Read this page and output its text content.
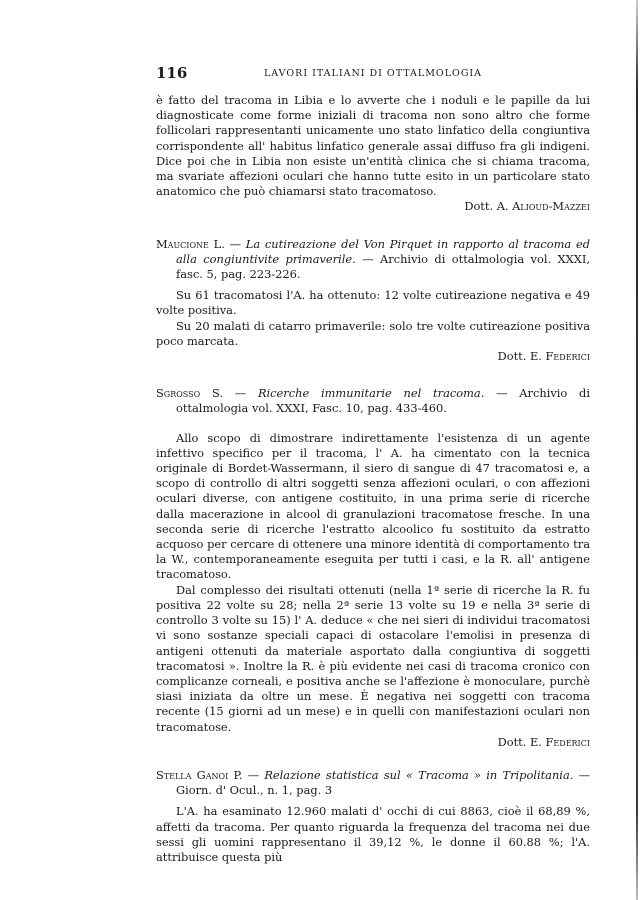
116	LAVORI ITALIANI DI OTTALMOLOGIA

è fatto del tracoma in Libia e lo avverte che i noduli e le papille da lui diagnosticate come forme iniziali di tracoma non sono altro che forme follicolari rappresentanti unicamente uno stato linfatico della congiuntiva corrispondente all' habitus linfatico generale assai diffuso fra gli indigeni. Dice poi che in Libia non esiste un'entità clinica che si chiama tracoma, ma svariate affezioni oculari che hanno tutte esito in un particolare stato anatomico che può chiamarsi stato tracomatoso.

Dott. A. Alioud-Mazzei

Maucione L. — La cutireazione del Von Pirquet in rapporto al tracoma ed alla congiuntivite primaverile. — Archivio di ottalmologia vol. XXXI, fasc. 5, pag. 223-226.

Su 61 tracomatosi l'A. ha ottenuto: 12 volte cutireazione negativa e 49 volte positiva.

Su 20 malati di catarro primaverile: solo tre volte cutireazione positiva poco marcata.

Dott. E. Federici

Sgrosso S. — Ricerche immunitarie nel tracoma. — Archivio di ottalmologia vol. XXXI, Fasc. 10, pag. 433-460.

Allo scopo di dimostrare indirettamente l'esistenza di un agente infettivo specifico per il tracoma, l' A. ha cimentato con la tecnica originale di Bordet-Wassermann, il siero di sangue di 47 tracomatosi e, a scopo di controllo di altri soggetti senza affezioni oculari, o con affezioni oculari diverse, con antigene costituito, in una prima serie di ricerche dalla macerazione in alcool di granulazioni tracomatose fresche. In una seconda serie di ricerche l'estratto alcoolico fu sostituito da estratto acquoso per cercare di ottenere una minore identità di comportamento tra la W., contemporaneamente eseguita per tutti i casi, e la R. all' antigene tracomatoso.

Dal complesso dei risultati ottenuti (nella 1ª serie di ricerche la R. fu positiva 22 volte su 28; nella 2ª serie 13 volte su 19 e nella 3ª serie di controllo 3 volte su 15) l' A. deduce « che nei sieri di individui tracomatosi vi sono sostanze speciali capaci di ostacolare l'emolisi in presenza di antigeni ottenuti da materiale asportato dalla congiuntiva di soggetti tracomatosi ». Inoltre la R. è più evidente nei casi di tracoma cronico con complicanze corneali, e positiva anche se l'affezione è monoculare, purchè siasi iniziata da oltre un mese. È negativa nei soggetti con tracoma recente (15 giorni ad un mese) e in quelli con manifestazioni oculari non tracomatose.

Dott. E. Federici

Stella Ganoi P. — Relazione statistica sul « Tracoma » in Tripolitania. — Giorn. d' Ocul., n. 1, pag. 3

L'A. ha esaminato 12.960 malati d' occhi di cui 8863, cioè il 68,89 %, affetti da tracoma. Per quanto riguarda la frequenza del tracoma nei due sessi gli uomini rappresentano il 39,12 %, le donne il 60.88 %; l'A. attribuisce questa più
